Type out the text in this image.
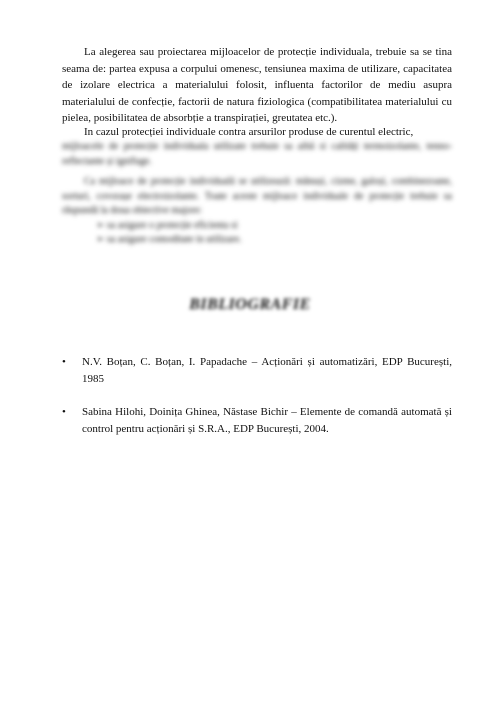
La alegerea sau proiectarea mijloacelor de protecție individuala, trebuie sa se tina seama de: partea expusa a corpului omenesc, tensiunea maxima de utilizare, capacitatea de izolare electrica a materialului folosit, influenta factorilor de mediu asupra materialului de confecție, factorii de natura fiziologica (compatibilitatea materialului cu pielea, posibilitatea de absorbție a transpirației, greutatea etc.).

In cazul protecției individuale contra arsurilor produse de curentul electric,

mijloacele de protecție individuala utilizate trebuie sa aibă si calități termoizolante, tenno-reflectante și ignifuge.

Ca mijloace de protecție individuală se utilizează: mănuși, cizme, galoși, combinezoane, sorturi, covorașe electroizolante. Toate aceste mijloace individuale de protecție trebuie sa răspundă la doua obiective majore:

➢ sa asigure o protecție eficienta si
➢ sa asigure comoditate in utilizare.
BIBLIOGRAFIE
• N.V. Boțan, C. Boțan, I. Papadache – Acționări și automatizări, EDP București, 1985
• Sabina Hilohi, Doinița Ghinea, Năstase Bichir – Elemente de comandă automată și control pentru acționări și S.R.A., EDP București, 2004.
